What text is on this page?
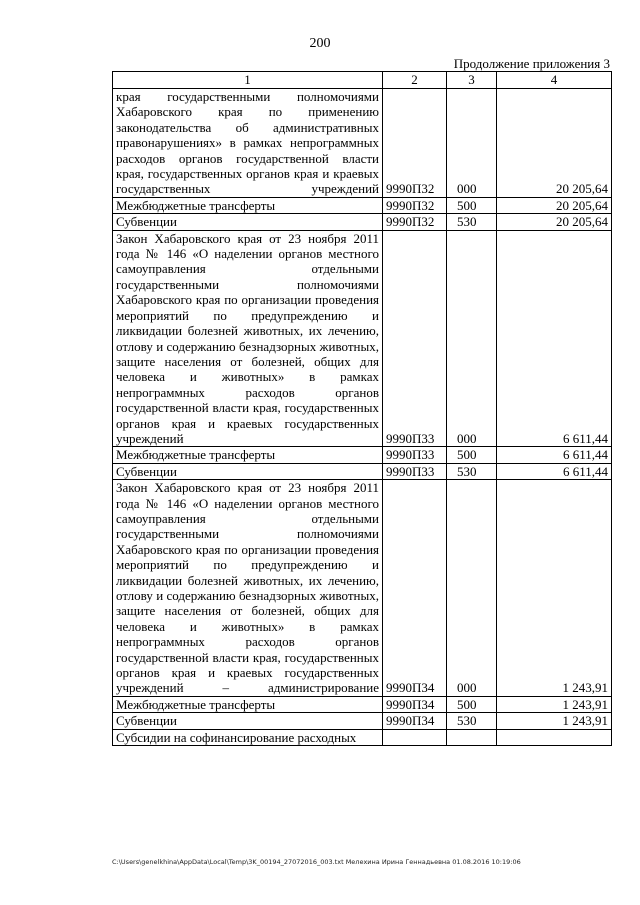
200
Продолжение приложения 3
1	2	3	4
края государственными полномочиями Хабаровского края по применению законодательства об административных правонарушениях» в рамках непрограммных расходов органов государственной власти края, государственных органов края и краевых государственных учреждений	9990П32	000	20 205,64
Межбюджетные трансферты	9990П32	500	20 205,64
Субвенции	9990П32	530	20 205,64
Закон Хабаровского края от 23 ноября 2011 года № 146 «О наделении органов местного самоуправления отдельными государственными полномочиями Хабаровского края по организации проведения мероприятий по предупреждению и ликвидации болезней животных, их лечению, отлову и содержанию безнадзорных животных, защите населения от болезней, общих для человека и животных» в рамках непрограммных расходов органов государственной власти края, государственных органов края и краевых государственных учреждений	9990П33	000	6 611,44
Межбюджетные трансферты	9990П33	500	6 611,44
Субвенции	9990П33	530	6 611,44
Закон Хабаровского края от 23 ноября 2011 года № 146 «О наделении органов местного самоуправления отдельными государственными полномочиями Хабаровского края по организации проведения мероприятий по предупреждению и ликвидации болезней животных, их лечению, отлову и содержанию безнадзорных животных, защите населения от болезней, общих для человека и животных» в рамках непрограммных расходов органов государственной власти края, государственных органов края и краевых государственных учреждений – администрирование	9990П34	000	1 243,91
Межбюджетные трансферты	9990П34	500	1 243,91
Субвенции	9990П34	530	1 243,91
Субсидии на софинансирование расходных			
C:\Users\genelkhina\AppData\Local\Temp\3K_00194_27072016_003.txt Мелехина Ирина Геннадьевна 01.08.2016 10:19:06
